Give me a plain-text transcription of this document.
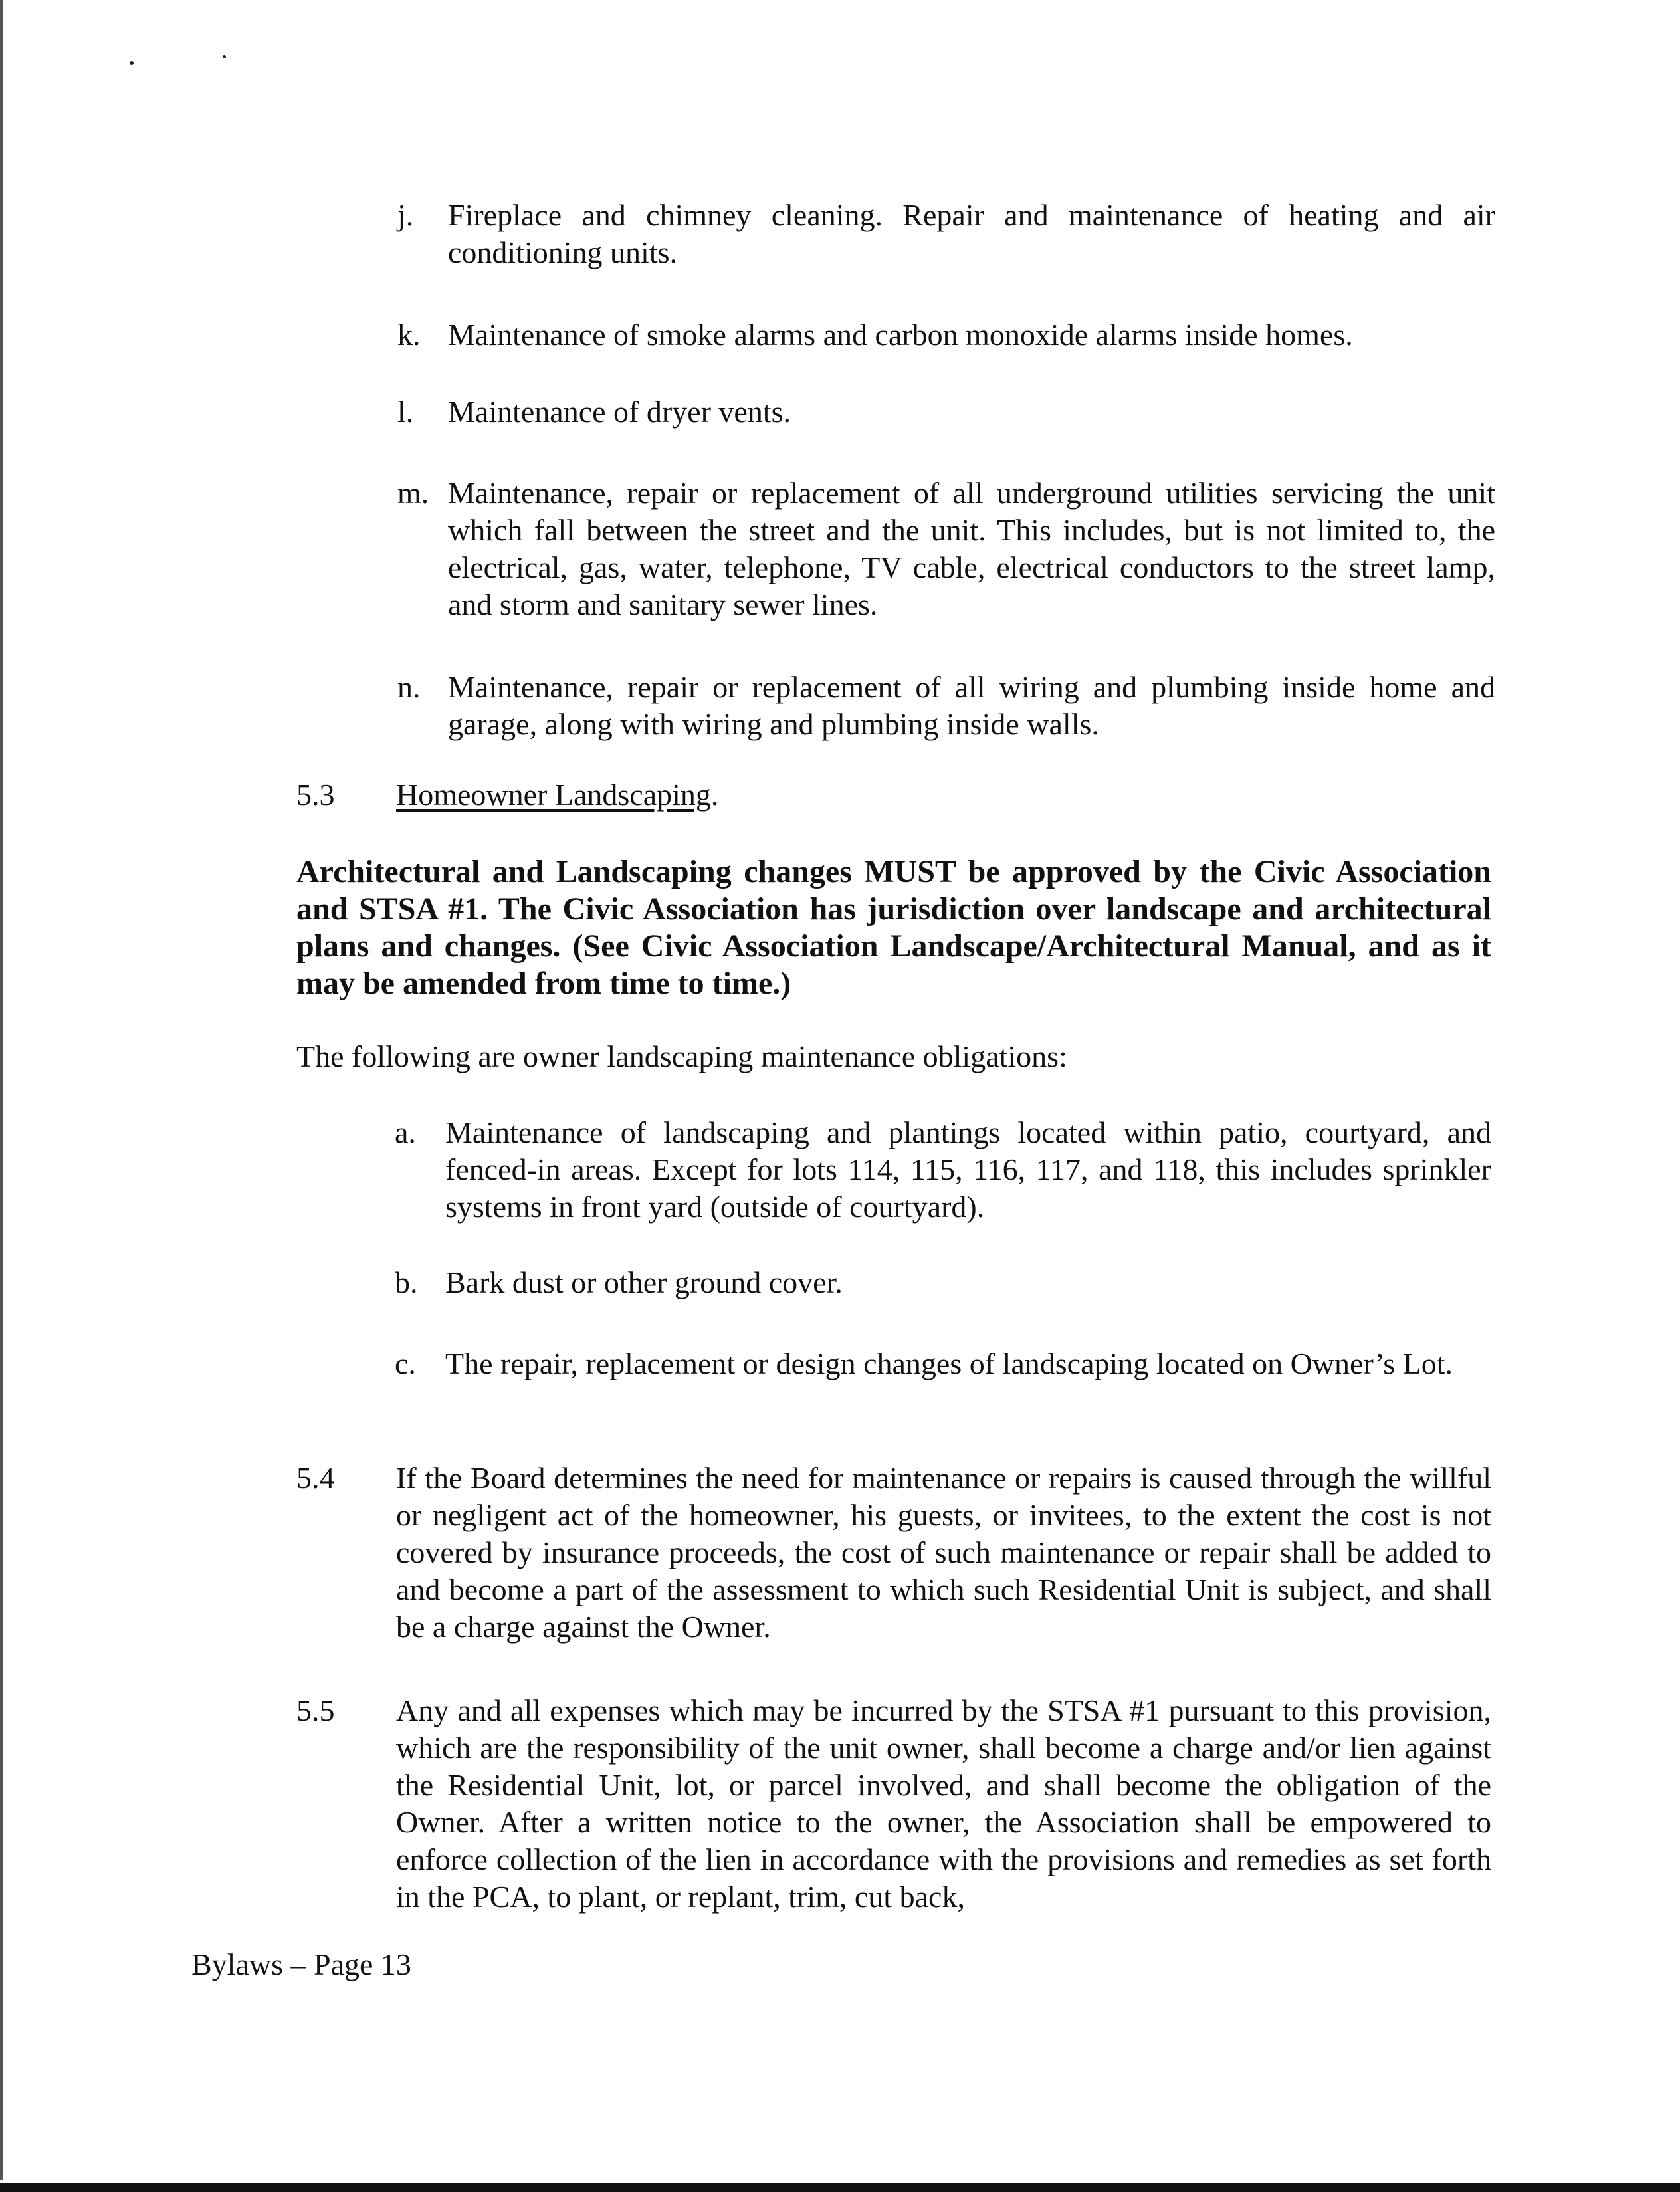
j. Fireplace and chimney cleaning. Repair and maintenance of heating and air conditioning units.
k. Maintenance of smoke alarms and carbon monoxide alarms inside homes.
l. Maintenance of dryer vents.
m. Maintenance, repair or replacement of all underground utilities servicing the unit which fall between the street and the unit. This includes, but is not limited to, the electrical, gas, water, telephone, TV cable, electrical conductors to the street lamp, and storm and sanitary sewer lines.
n. Maintenance, repair or replacement of all wiring and plumbing inside home and garage, along with wiring and plumbing inside walls.
5.3 Homeowner Landscaping.
Architectural and Landscaping changes MUST be approved by the Civic Association and STSA #1. The Civic Association has jurisdiction over landscape and architectural plans and changes. (See Civic Association Landscape/Architectural Manual, and as it may be amended from time to time.)
The following are owner landscaping maintenance obligations:
a. Maintenance of landscaping and plantings located within patio, courtyard, and fenced-in areas. Except for lots 114, 115, 116, 117, and 118, this includes sprinkler systems in front yard (outside of courtyard).
b. Bark dust or other ground cover.
c. The repair, replacement or design changes of landscaping located on Owner’s Lot.
5.4 If the Board determines the need for maintenance or repairs is caused through the willful or negligent act of the homeowner, his guests, or invitees, to the extent the cost is not covered by insurance proceeds, the cost of such maintenance or repair shall be added to and become a part of the assessment to which such Residential Unit is subject, and shall be a charge against the Owner.
5.5 Any and all expenses which may be incurred by the STSA #1 pursuant to this provision, which are the responsibility of the unit owner, shall become a charge and/or lien against the Residential Unit, lot, or parcel involved, and shall become the obligation of the Owner. After a written notice to the owner, the Association shall be empowered to enforce collection of the lien in accordance with the provisions and remedies as set forth in the PCA, to plant, or replant, trim, cut back,
Bylaws – Page 13
